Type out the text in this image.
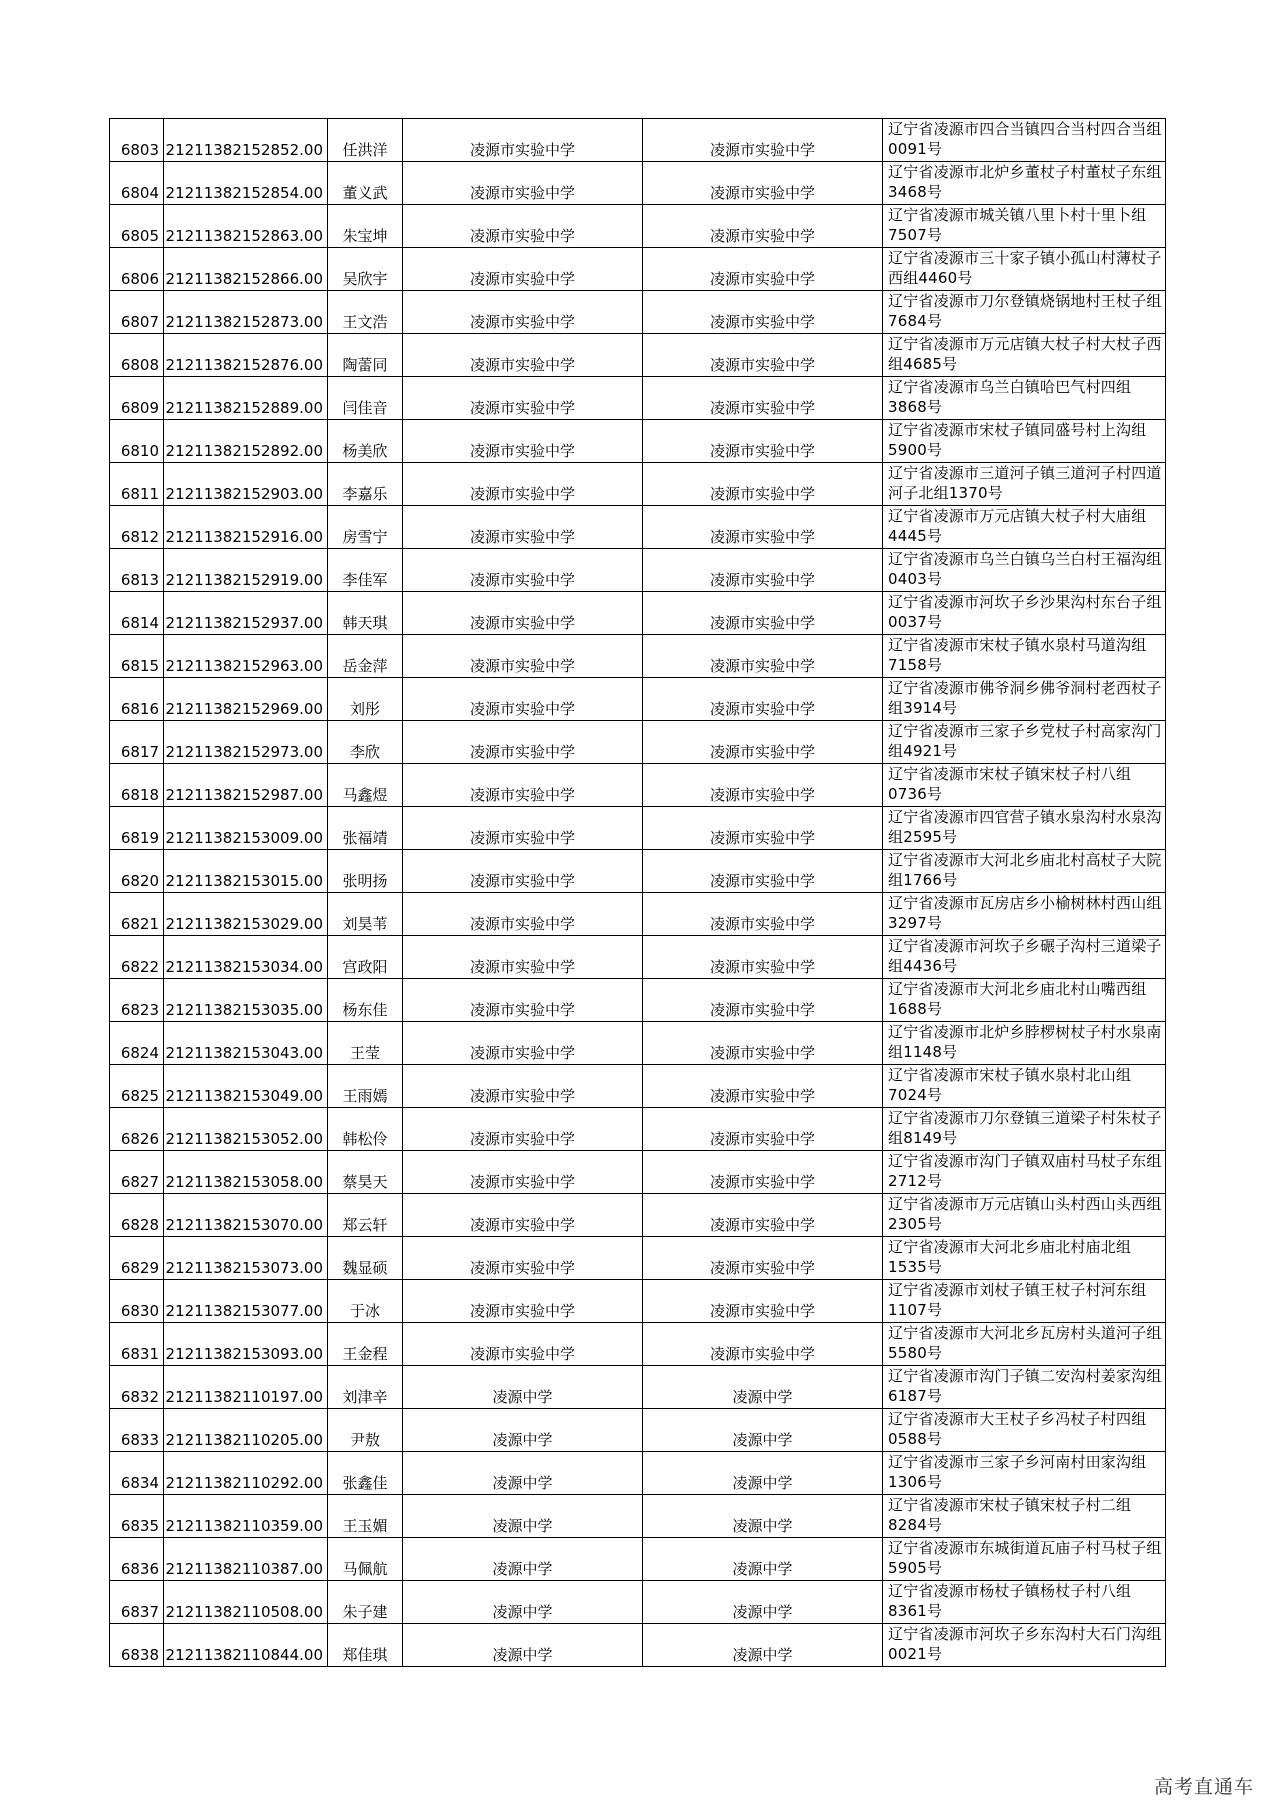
6803	21211382152852.00	任洪洋	凌源市实验中学	凌源市实验中学	辽宁省凌源市四合当镇四合当村四合当组0091号
6804	21211382152854.00	董义武	凌源市实验中学	凌源市实验中学	辽宁省凌源市北炉乡董杖子村董杖子东组3468号
6805	21211382152863.00	朱宝坤	凌源市实验中学	凌源市实验中学	辽宁省凌源市城关镇八里卜村十里卜组7507号
6806	21211382152866.00	吴欣宇	凌源市实验中学	凌源市实验中学	辽宁省凌源市三十家子镇小孤山村薄杖子西组4460号
6807	21211382152873.00	王文浩	凌源市实验中学	凌源市实验中学	辽宁省凌源市刀尔登镇烧锅地村王杖子组7684号
6808	21211382152876.00	陶蕾同	凌源市实验中学	凌源市实验中学	辽宁省凌源市万元店镇大杖子村大杖子西组4685号
6809	21211382152889.00	闫佳音	凌源市实验中学	凌源市实验中学	辽宁省凌源市乌兰白镇哈巴气村四组3868号
6810	21211382152892.00	杨美欣	凌源市实验中学	凌源市实验中学	辽宁省凌源市宋杖子镇同盛号村上沟组5900号
6811	21211382152903.00	李嘉乐	凌源市实验中学	凌源市实验中学	辽宁省凌源市三道河子镇三道河子村四道河子北组1370号
6812	21211382152916.00	房雪宁	凌源市实验中学	凌源市实验中学	辽宁省凌源市万元店镇大杖子村大庙组4445号
6813	21211382152919.00	李佳军	凌源市实验中学	凌源市实验中学	辽宁省凌源市乌兰白镇乌兰白村王福沟组0403号
6814	21211382152937.00	韩天琪	凌源市实验中学	凌源市实验中学	辽宁省凌源市河坎子乡沙果沟村东台子组0037号
6815	21211382152963.00	岳金萍	凌源市实验中学	凌源市实验中学	辽宁省凌源市宋杖子镇水泉村马道沟组7158号
6816	21211382152969.00	刘彤	凌源市实验中学	凌源市实验中学	辽宁省凌源市佛爷洞乡佛爷洞村老西杖子组3914号
6817	21211382152973.00	李欣	凌源市实验中学	凌源市实验中学	辽宁省凌源市三家子乡党杖子村高家沟门组4921号
6818	21211382152987.00	马鑫煜	凌源市实验中学	凌源市实验中学	辽宁省凌源市宋杖子镇宋杖子村八组0736号
6819	21211382153009.00	张福靖	凌源市实验中学	凌源市实验中学	辽宁省凌源市四官营子镇水泉沟村水泉沟组2595号
6820	21211382153015.00	张明扬	凌源市实验中学	凌源市实验中学	辽宁省凌源市大河北乡庙北村高杖子大院组1766号
6821	21211382153029.00	刘昊苇	凌源市实验中学	凌源市实验中学	辽宁省凌源市瓦房店乡小榆树林村西山组3297号
6822	21211382153034.00	宫政阳	凌源市实验中学	凌源市实验中学	辽宁省凌源市河坎子乡碾子沟村三道梁子组4436号
6823	21211382153035.00	杨东佳	凌源市实验中学	凌源市实验中学	辽宁省凌源市大河北乡庙北村山嘴西组1688号
6824	21211382153043.00	王莹	凌源市实验中学	凌源市实验中学	辽宁省凌源市北炉乡脖椤树杖子村水泉南组1148号
6825	21211382153049.00	王雨嫣	凌源市实验中学	凌源市实验中学	辽宁省凌源市宋杖子镇水泉村北山组7024号
6826	21211382153052.00	韩松伶	凌源市实验中学	凌源市实验中学	辽宁省凌源市刀尔登镇三道梁子村朱杖子组8149号
6827	21211382153058.00	蔡昊天	凌源市实验中学	凌源市实验中学	辽宁省凌源市沟门子镇双庙村马杖子东组2712号
6828	21211382153070.00	郑云轩	凌源市实验中学	凌源市实验中学	辽宁省凌源市万元店镇山头村西山头西组2305号
6829	21211382153073.00	魏显硕	凌源市实验中学	凌源市实验中学	辽宁省凌源市大河北乡庙北村庙北组1535号
6830	21211382153077.00	于冰	凌源市实验中学	凌源市实验中学	辽宁省凌源市刘杖子镇王杖子村河东组1107号
6831	21211382153093.00	王金程	凌源市实验中学	凌源市实验中学	辽宁省凌源市大河北乡瓦房村头道河子组5580号
6832	21211382110197.00	刘津辛	凌源中学	凌源中学	辽宁省凌源市沟门子镇二安沟村姜家沟组6187号
6833	21211382110205.00	尹敖	凌源中学	凌源中学	辽宁省凌源市大王杖子乡冯杖子村四组0588号
6834	21211382110292.00	张鑫佳	凌源中学	凌源中学	辽宁省凌源市三家子乡河南村田家沟组1306号
6835	21211382110359.00	王玉媚	凌源中学	凌源中学	辽宁省凌源市宋杖子镇宋杖子村二组8284号
6836	21211382110387.00	马佩航	凌源中学	凌源中学	辽宁省凌源市东城街道瓦庙子村马杖子组5905号
6837	21211382110508.00	朱子建	凌源中学	凌源中学	辽宁省凌源市杨杖子镇杨杖子村八组8361号
6838	21211382110844.00	郑佳琪	凌源中学	凌源中学	辽宁省凌源市河坎子乡东沟村大石门沟组0021号
高考直通车
